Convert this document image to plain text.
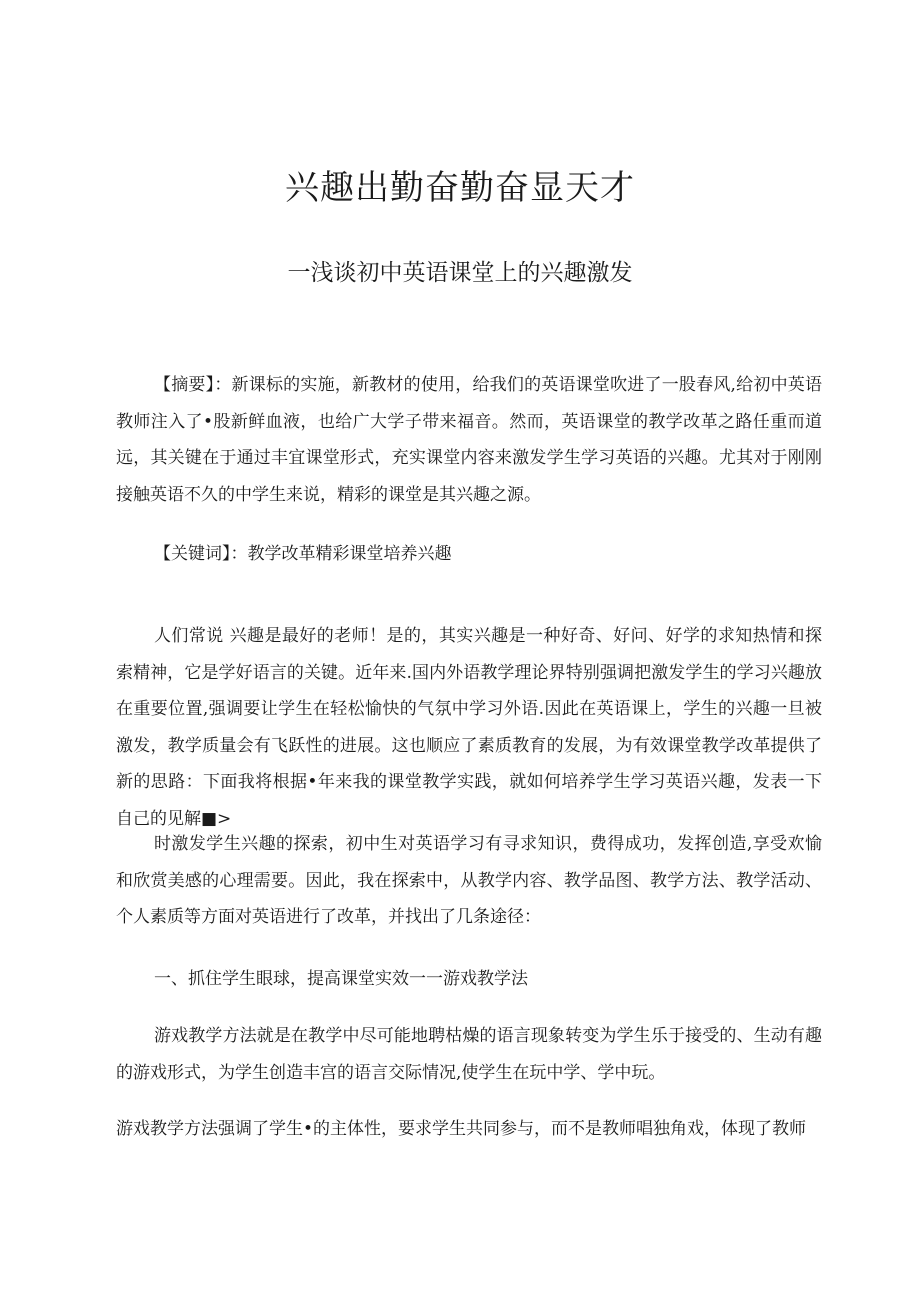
兴趣出勤奋勤奋显天才
一浅谈初中英语课堂上的兴趣激发

【摘要】：新课标的实施，新教材的使用，给我们的英语课堂吹进了一股春风,给初中英语教师注入了•股新鲜血液，也给广大学子带来福音。然而，英语课堂的教学改革之路任重而道远，其关键在于通过丰宜课堂形式，充实课堂内容来激发学生学习英语的兴趣。尤其对于刚刚接触英语不久的中学生来说，精彩的课堂是其兴趣之源。

【关键词】：教学改革精彩课堂培养兴趣

人们常说 兴趣是最好的老师！是的，其实兴趣是一种好奇、好问、好学的求知热情和探索精神，它是学好语言的关键。近年来.国内外语教学理论界特别强调把激发学生的学习兴趣放在重要位置,强调要让学生在轻松愉快的气氛中学习外语.因此在英语课上，学生的兴趣一旦被激发，教学质量会有飞跃性的进展。这也顺应了素质教育的发展，为有效课堂教学改革提供了新的思路：下面我将根据•年来我的课堂教学实践，就如何培养学生学习英语兴趣，发表一下自己的见解■>

时激发学生兴趣的探索，初中生对英语学习有寻求知识，费得成功，发挥创造,享受欢愉和欣赏美感的心理需要。因此，我在探索中，从教学内容、教学品图、教学方法、教学活动、个人素质等方面对英语进行了改革，并找出了几条途径：

一、抓住学生眼球，提高课堂实效一一游戏教学法

游戏教学方法就是在教学中尽可能地聘枯燥的语言现象转变为学生乐于接受的、生动有趣的游戏形式，为学生创造丰宫的语言交际情况,使学生在玩中学、学中玩。

游戏教学方法强调了学生•的主体性，要求学生共同参与，而不是教师唱独角戏，体现了教师
